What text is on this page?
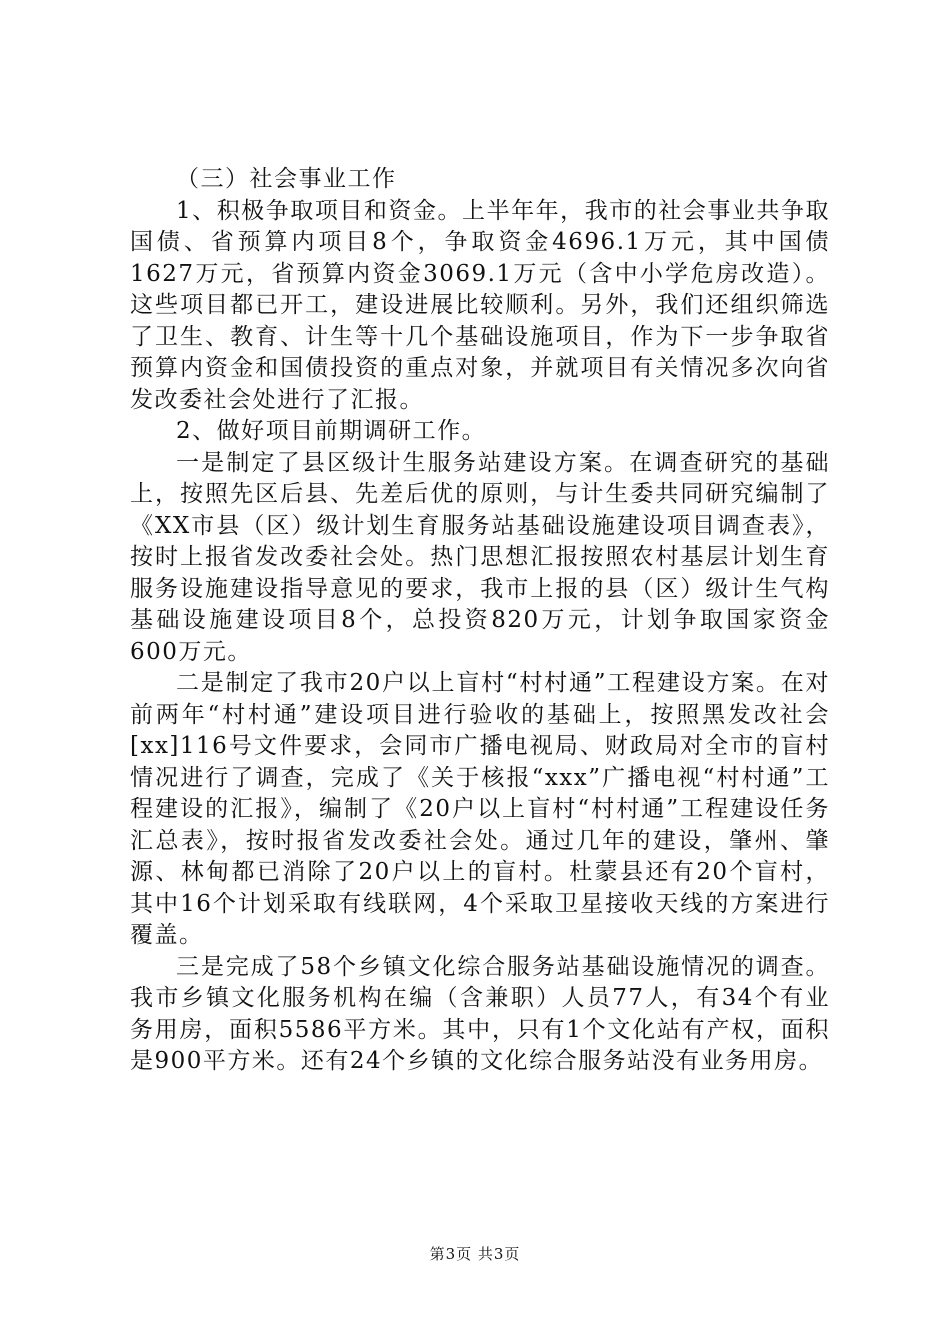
（三）社会事业工作

1、积极争取项目和资金。上半年年，我市的社会事业共争取国债、省预算内项目8个，争取资金4696.1万元，其中国债1627万元，省预算内资金3069.1万元（含中小学危房改造）。这些项目都已开工，建设进展比较顺利。另外，我们还组织筛选了卫生、教育、计生等十几个基础设施项目，作为下一步争取省预算内资金和国债投资的重点对象，并就项目有关情况多次向省发改委社会处进行了汇报。

2、做好项目前期调研工作。

一是制定了县区级计生服务站建设方案。在调查研究的基础上，按照先区后县、先差后优的原则，与计生委共同研究编制了《XX市县（区）级计划生育服务站基础设施建设项目调查表》，按时上报省发改委社会处。热门思想汇报按照农村基层计划生育服务设施建设指导意见的要求，我市上报的县（区）级计生气构基础设施建设项目8个，总投资820万元，计划争取国家资金600万元。

二是制定了我市20户以上盲村“村村通”工程建设方案。在对前两年“村村通”建设项目进行验收的基础上，按照黑发改社会[xx]116号文件要求，会同市广播电视局、财政局对全市的盲村情况进行了调查，完成了《关于核报“xxx”广播电视“村村通”工程建设的汇报》，编制了《20户以上盲村“村村通”工程建设任务汇总表》，按时报省发改委社会处。通过几年的建设，肇州、肇源、林甸都已消除了20户以上的盲村。杜蒙县还有20个盲村，其中16个计划采取有线联网，4个采取卫星接收天线的方案进行覆盖。

三是完成了58个乡镇文化综合服务站基础设施情况的调查。我市乡镇文化服务机构在编（含兼职）人员77人，有34个有业务用房，面积5586平方米。其中，只有1个文化站有产权，面积是900平方米。还有24个乡镇的文化综合服务站没有业务用房。

第3页 共3页
